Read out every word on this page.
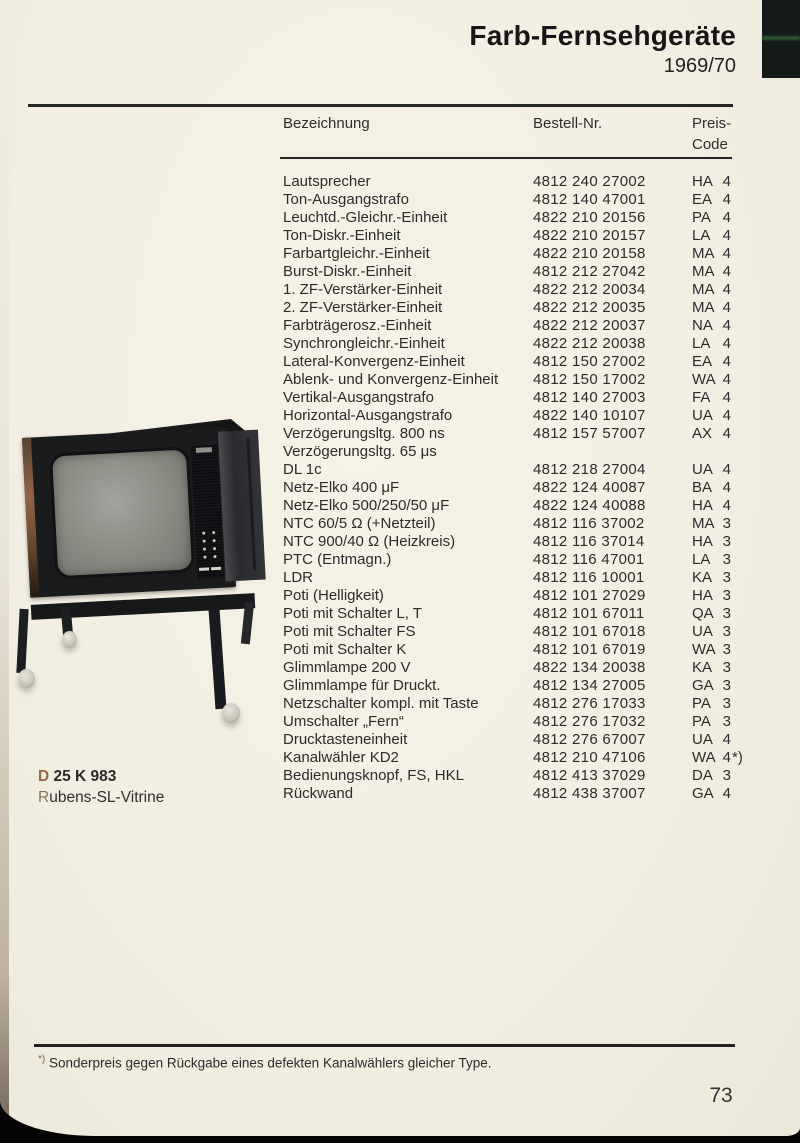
Farb-Fernsehgeräte
1969/70
Bezeichnung	Bestell-Nr.	Preis-
Code
Lautsprecher	4812 240 27002	HA 4
Ton-Ausgangstrafo	4812 140 47001	EA 4
Leuchtd.-Gleichr.-Einheit	4822 210 20156	PA 4
Ton-Diskr.-Einheit	4822 210 20157	LA 4
Farbartgleichr.-Einheit	4822 210 20158	MA 4
Burst-Diskr.-Einheit	4812 212 27042	MA 4
1. ZF-Verstärker-Einheit	4822 212 20034	MA 4
2. ZF-Verstärker-Einheit	4822 212 20035	MA 4
Farbträgerosz.-Einheit	4822 212 20037	NA 4
Synchrongleichr.-Einheit	4822 212 20038	LA 4
Lateral-Konvergenz-Einheit	4812 150 27002	EA 4
Ablenk- und Konvergenz-Einheit 4812 150 17002	WA 4
Vertikal-Ausgangstrafo	4812 140 27003	FA 4
Horizontal-Ausgangstrafo	4822 140 10107	UA 4
Verzögerungsltg. 800 ns	4812 157 57007	AX 4
Verzögerungsltg. 65 μs
DL 1c	4812 218 27004	UA 4
Netz-Elko 400 μF	4822 124 40087	BA 4
Netz-Elko 500/250/50 μF	4822 124 40088	HA 4
NTC 60/5 Ω (+Netzteil)	4812 116 37002	MA 3
NTC 900/40 Ω (Heizkreis)	4812 116 37014	HA 3
PTC (Entmagn.)	4812 116 47001	LA 3
LDR	4812 116 10001	KA 3
Poti (Helligkeit)	4812 101 27029	HA 3
Poti mit Schalter L, T	4812 101 67011	QA 3
Poti mit Schalter FS	4812 101 67018	UA 3
Poti mit Schalter K	4812 101 67019	WA 3
Glimmlampe 200 V	4822 134 20038	KA 3
Glimmlampe für Druckt.	4812 134 27005	GA 3
Netzschalter kompl. mit Taste	4812 276 17033	PA 3
Umschalter „Fern“	4812 276 17032	PA 3
Drucktasteneinheit	4812 276 67007	UA 4
Kanalwähler KD2	4812 210 47106	WA 4 *)
Bedienungsknopf, FS, HKL	4812 413 37029	DA 3
Rückwand	4812 438 37007	GA 4
D 25 K 983
Rubens-SL-Vitrine
*) Sonderpreis gegen Rückgabe eines defekten Kanalwählers gleicher Type.
73
